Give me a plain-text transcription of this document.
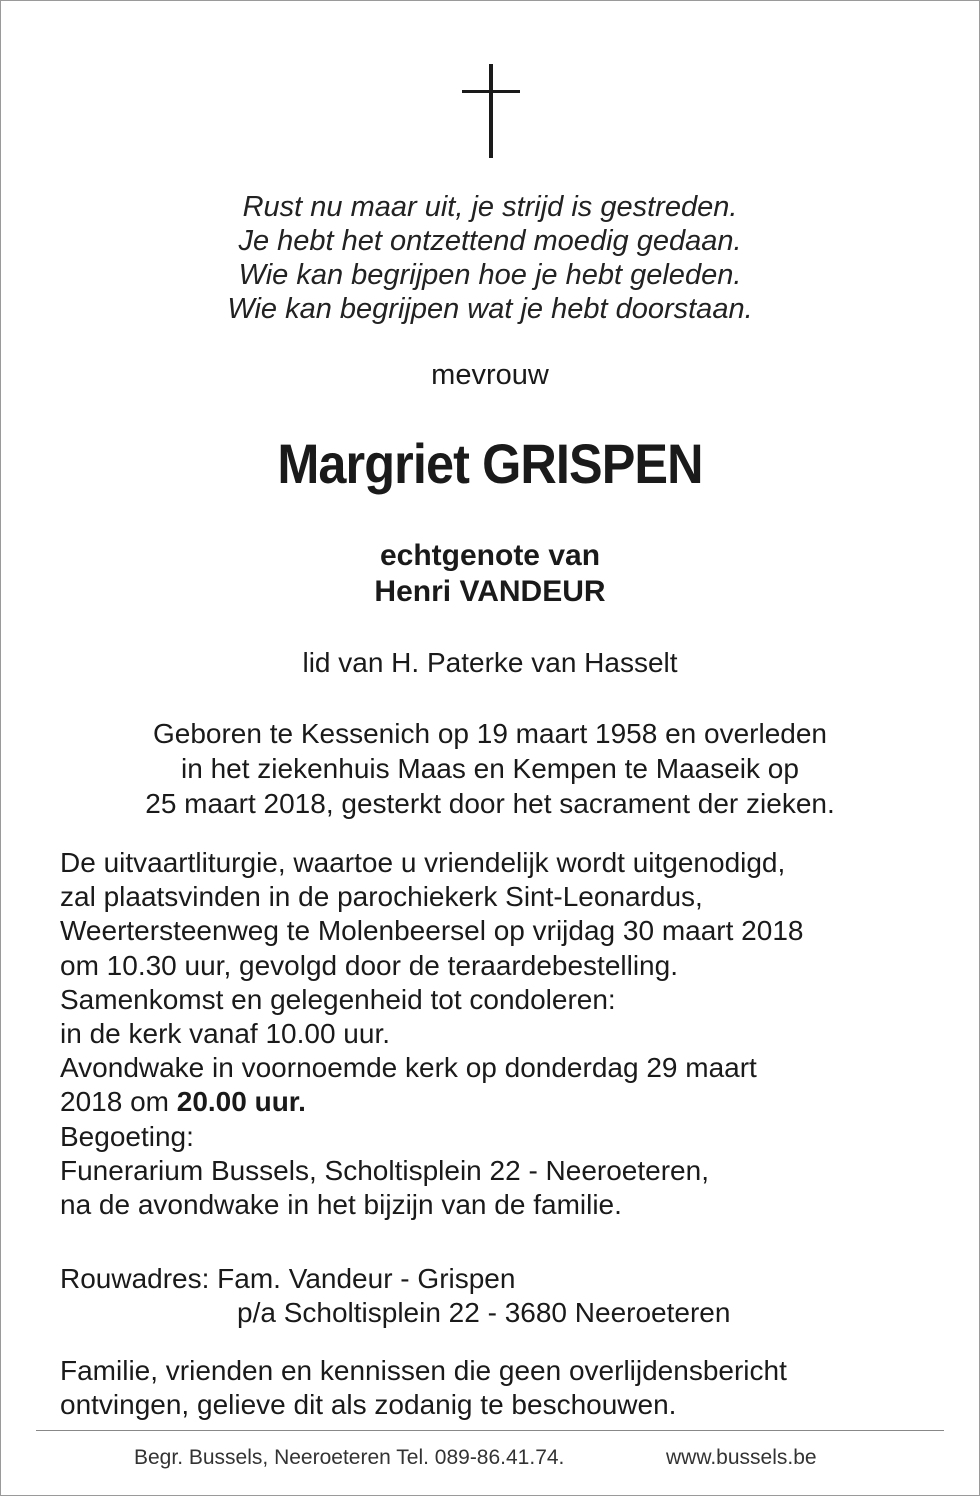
Rust nu maar uit, je strijd is gestreden.
Je hebt het ontzettend moedig gedaan.
Wie kan begrijpen hoe je hebt geleden.
Wie kan begrijpen wat je hebt doorstaan.
mevrouw
Margriet GRISPEN
echtgenote van
Henri VANDEUR
lid van H. Paterke van Hasselt
Geboren te Kessenich op 19 maart 1958 en overleden
in het ziekenhuis Maas en Kempen te Maaseik op
25 maart 2018, gesterkt door het sacrament der zieken.
De uitvaartliturgie, waartoe u vriendelijk wordt uitgenodigd,
zal plaatsvinden in de parochiekerk Sint-Leonardus,
Weertersteenweg te Molenbeersel op vrijdag 30 maart 2018
om 10.30 uur, gevolgd door de teraardebestelling.
Samenkomst en gelegenheid tot condoleren:
in de kerk vanaf 10.00 uur.
Avondwake in voornoemde kerk op donderdag 29 maart
2018 om 20.00 uur.
Begoeting:
Funerarium Bussels, Scholtisplein 22 - Neeroeteren,
na de avondwake in het bijzijn van de familie.
Rouwadres: Fam. Vandeur - Grispen
p/a Scholtisplein 22 - 3680 Neeroeteren
Familie, vrienden en kennissen die geen overlijdensbericht
ontvingen, gelieve dit als zodanig te beschouwen.
Begr. Bussels, Neeroeteren Tel. 089-86.41.74.	www.bussels.be
